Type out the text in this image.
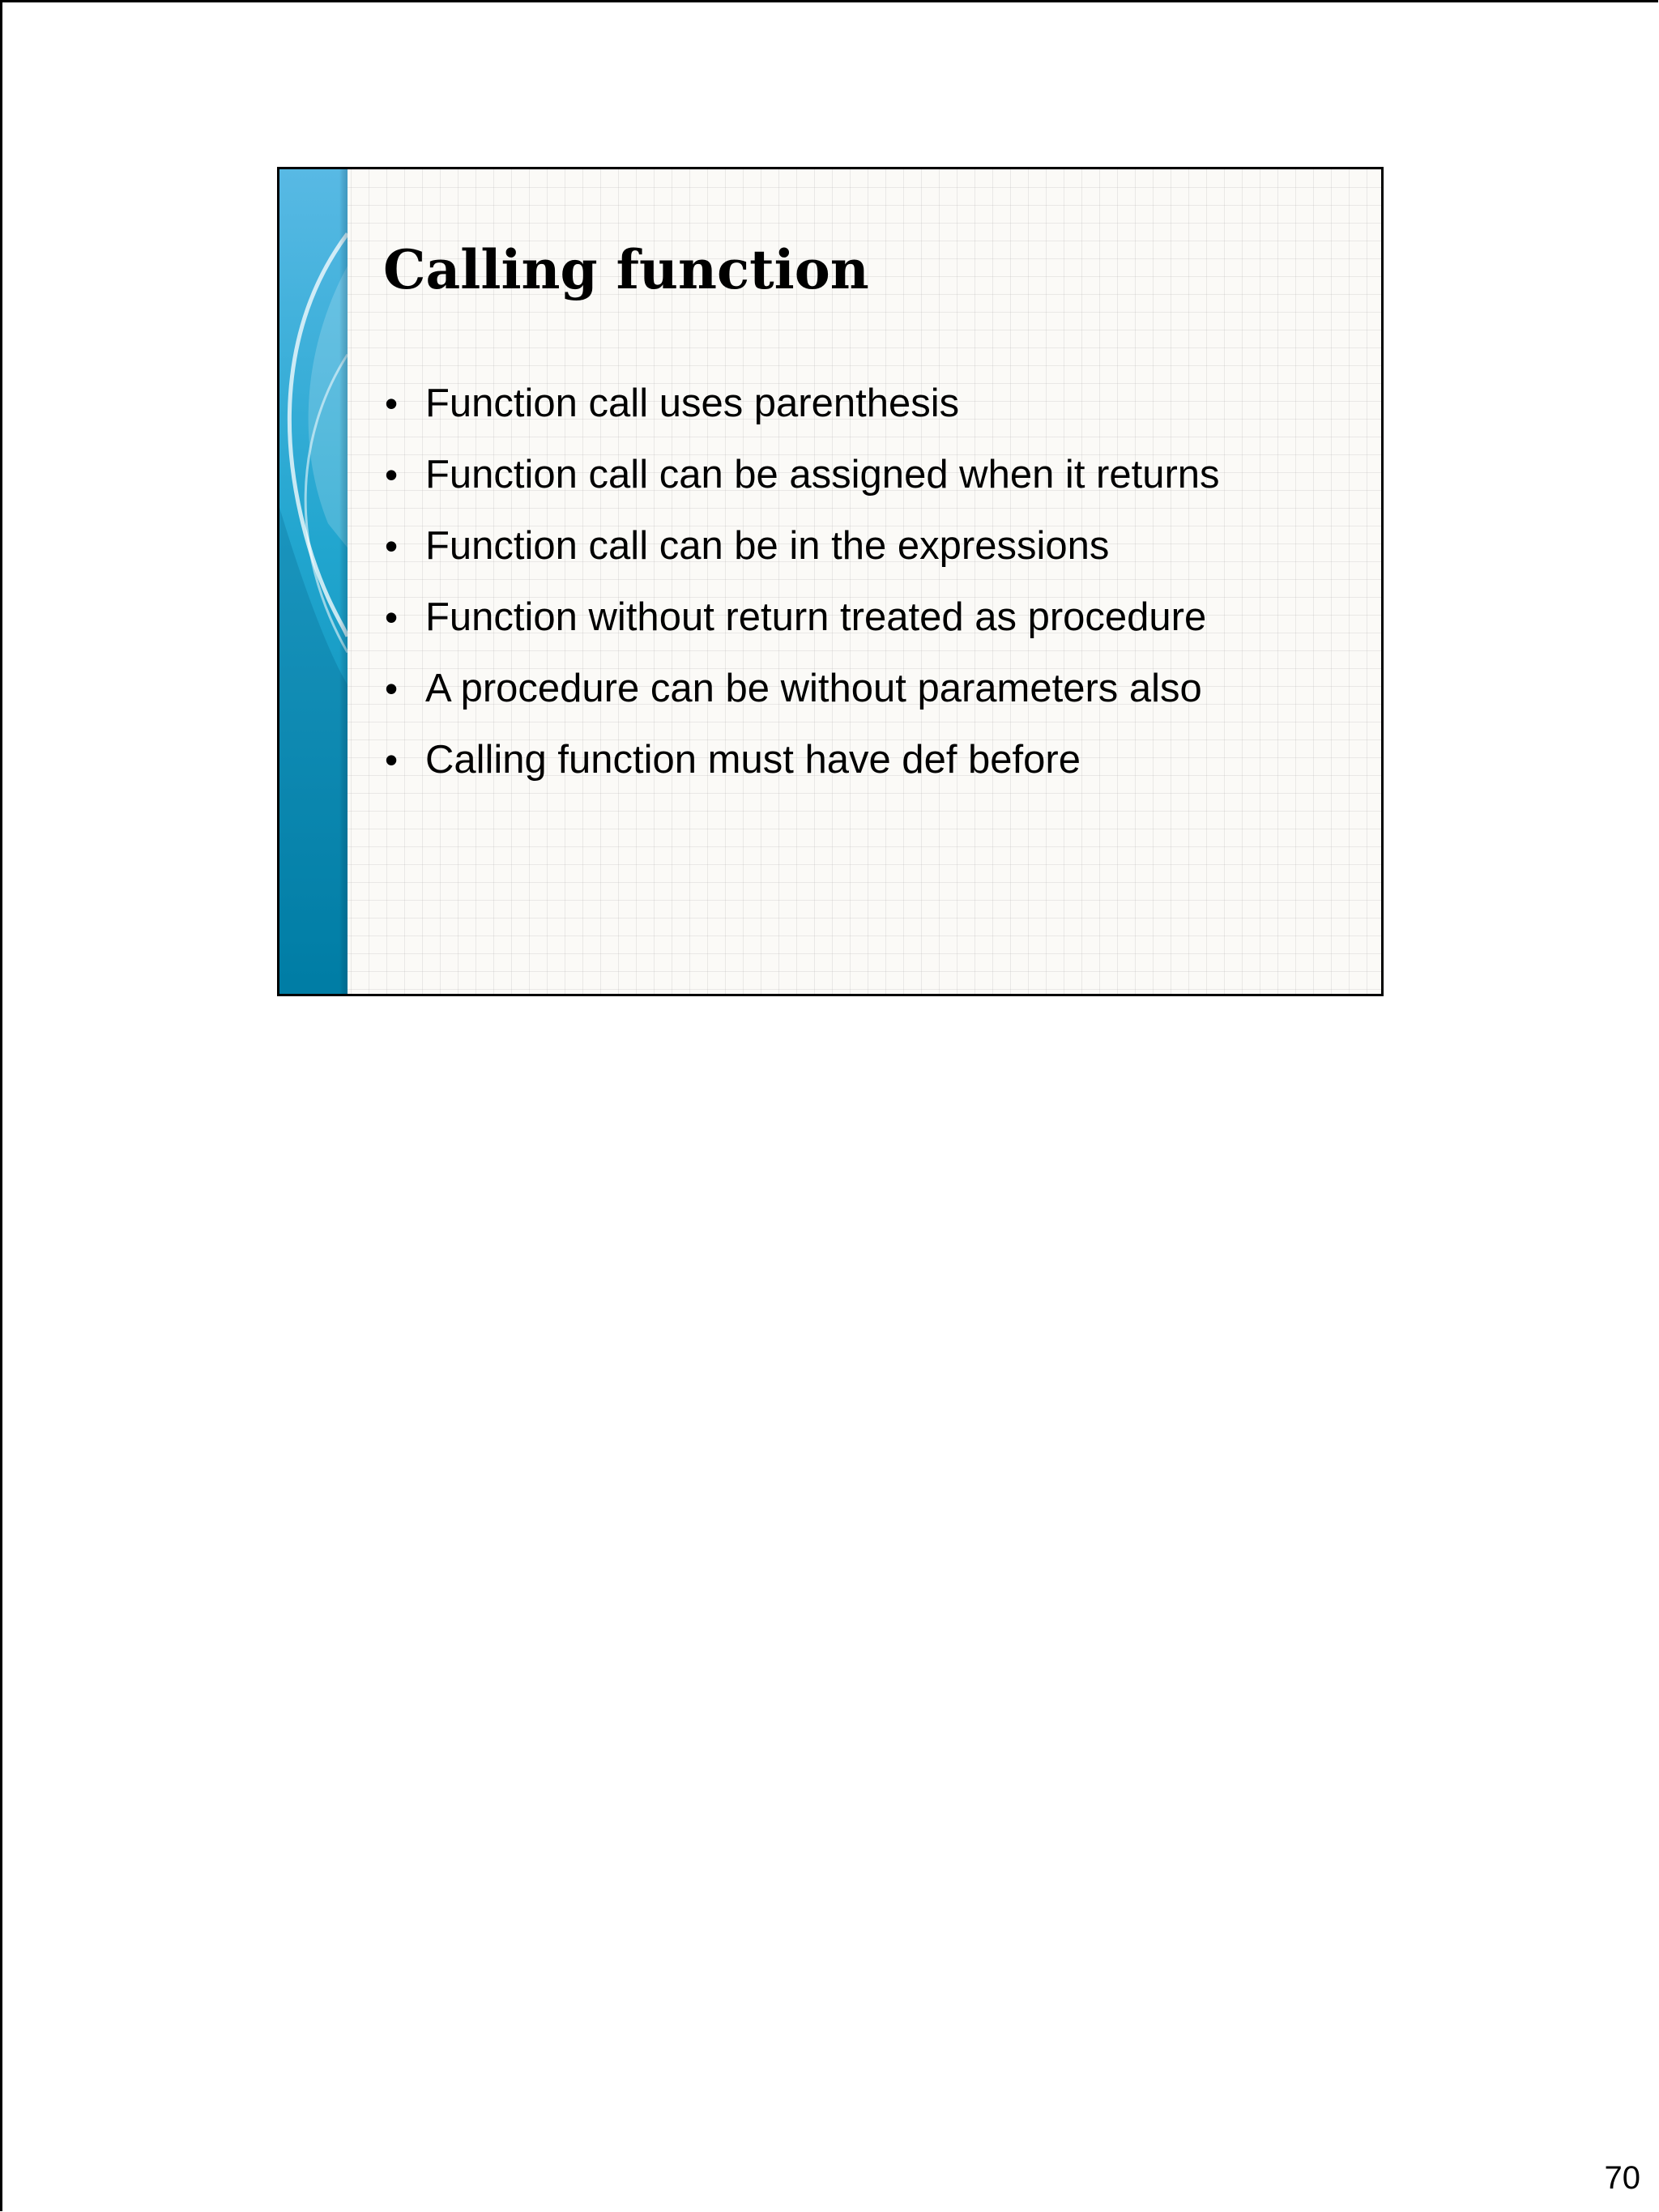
Calling function
• Function call uses parenthesis
• Function call can be assigned when it returns
• Function call can be in the expressions
• Function without return treated as procedure
• A procedure can be without parameters also
• Calling function must have def before
70
